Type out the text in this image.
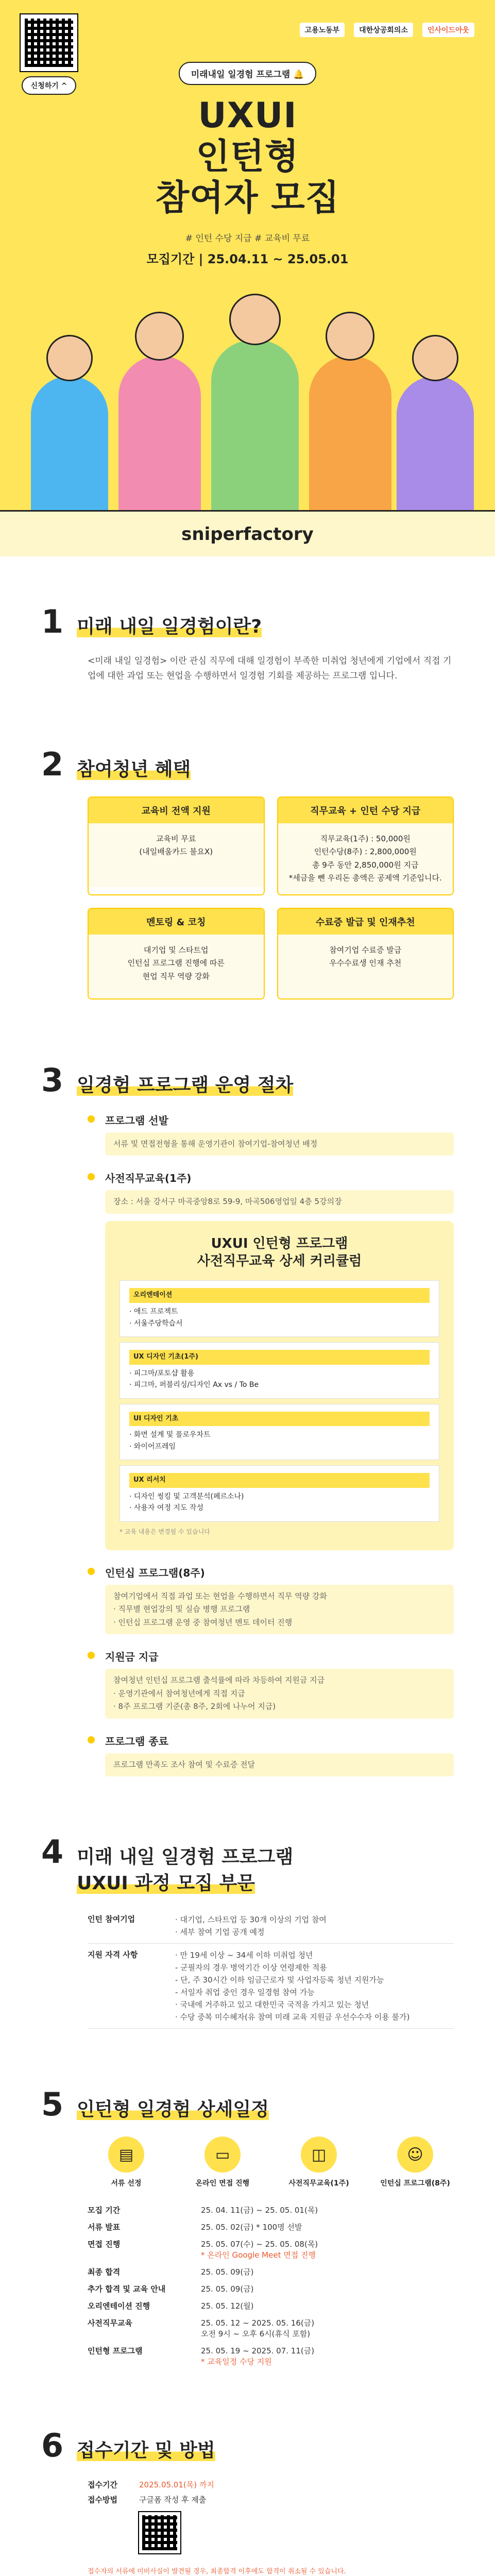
신청하기 ^
고용노동부	대한상공회의소	인사이드아웃
미래내일 일경험 프로그램 🔔
UXUI
인턴형
참여자 모집
# 인턴 수당 지급 # 교육비 무료
모집기간 | 25.04.11 ~ 25.05.01
sniperfactory
1 미래 내일 일경험이란?
<미래 내일 일경험> 이란 관심 직무에 대해 일경험이 부족한 미취업 청년에게 기업에서 직접 기업에 대한 과업 또는 현업을 수행하면서 일경험 기회를 제공하는 프로그램 입니다.
2 참여청년 혜택
교육비 전액 지원
교육비 무료
(내일배움카드 불요X)
직무교육 + 인턴 수당 지급
직무교육(1주) : 50,000원
인턴수당(8주) : 2,800,000원
총 9주 동안 2,850,000원 지급
*세금을 뺀 우리돈 총액은 공제액 기준입니다.
멘토링 & 코칭
대기업 및 스타트업
인턴십 프로그램 진행에 따른
현업 직무 역량 강화
수료증 발급 및 인재추천
참여기업 수료증 발급
우수수료생 인재 추천
3 일경험 프로그램 운영 절차
프로그램 선발
서류 및 면접전형을 통해 운영기관이 참여기업-참여청년 배정
사전직무교육(1주)
장소 : 서울 강서구 마곡중앙8로 59-9, 마곡506영업일 4층 5강의장
UXUI 인턴형 프로그램
사전직무교육 상세 커리큘럼
오리엔테이션
· 애드 프로젝트
· 서울주당학습서
UX 디자인 기초(1주)
· 피그마/포토샵 활용
· 피그마, 퍼블리싱/디자인 Ax vs / To Be
UI 디자인 기초
· 화면 설계 및 플로우차트
· 와이어프레임
UX 리서치
· 디자인 씽킹 및 고객분석(페르소나)
· 사용자 여정 지도 작성
* 교육 내용은 변경될 수 있습니다
인턴십 프로그램(8주)
참여기업에서 직접 과업 또는 현업을 수행하면서 직무 역량 강화
· 직무별 현업강의 및 실습 병행 프로그램
· 인턴십 프로그램 운영 중 참여청년 멘토 데이터 진행
지원금 지급
참여청년 인턴십 프로그램 출석률에 따라 차등하여 지원금 지급
· 운영기관에서 참여청년에게 직접 지급
· 8주 프로그램 기준(총 8주, 2회에 나누어 지급)
프로그램 종료
프로그램 만족도 조사 참여 및 수료증 전달
4 미래 내일 일경험 프로그램
UXUI 과정 모집 부문
인턴 참여기업	· 대기업, 스타트업 등 30개 이상의 기업 참여
· 세부 참여 기업 공개 예정
지원 자격 사항	· 만 19세 이상 ~ 34세 이하 미취업 청년
- 군필자의 경우 병역기간 이상 연령제한 적용
- 단, 주 30시간 이하 임금근로자 및 사업자등록 청년 지원가능
- 서일자 취업 중인 경우 일경험 참여 가능
· 국내에 거주하고 있고 대한민국 국적을 가지고 있는 청년
· 수당 중복 미수혜자(유 참여 미래 교육 지원금 우선수수자 이용 불가)
5 인턴형 일경험 상세일정
▤
서류 선정
▭
온라인 면접 진행
◫
사전직무교육(1주)
☺
인턴십 프로그램(8주)
모집 기간	25. 04. 11(금) ~ 25. 05. 01(목)
서류 발표	25. 05. 02(금) * 100명 선발
면접 진행	25. 05. 07(수) ~ 25. 05. 08(목)
* 온라인 Google Meet 면접 진행
최종 합격	25. 05. 09(금)
추가 합격 및 교육 안내	25. 05. 09(금)
오리엔테이션 진행	25. 05. 12(월)
사전직무교육	25. 05. 12 ~ 2025. 05. 16(금)
오전 9시 ~ 오후 6시(휴식 포함)
인턴형 프로그램	25. 05. 19 ~ 2025. 07. 11(금)
* 교육일정 수당 지원
6 접수기간 및 방법
접수기간	2025.05.01(목) 까지
접수방법	구글폼 작성 후 제출
접수자의 서류에 미비사실이 발견될 경우, 최종합격 이후에도 합격이 취소될 수 있습니다.
